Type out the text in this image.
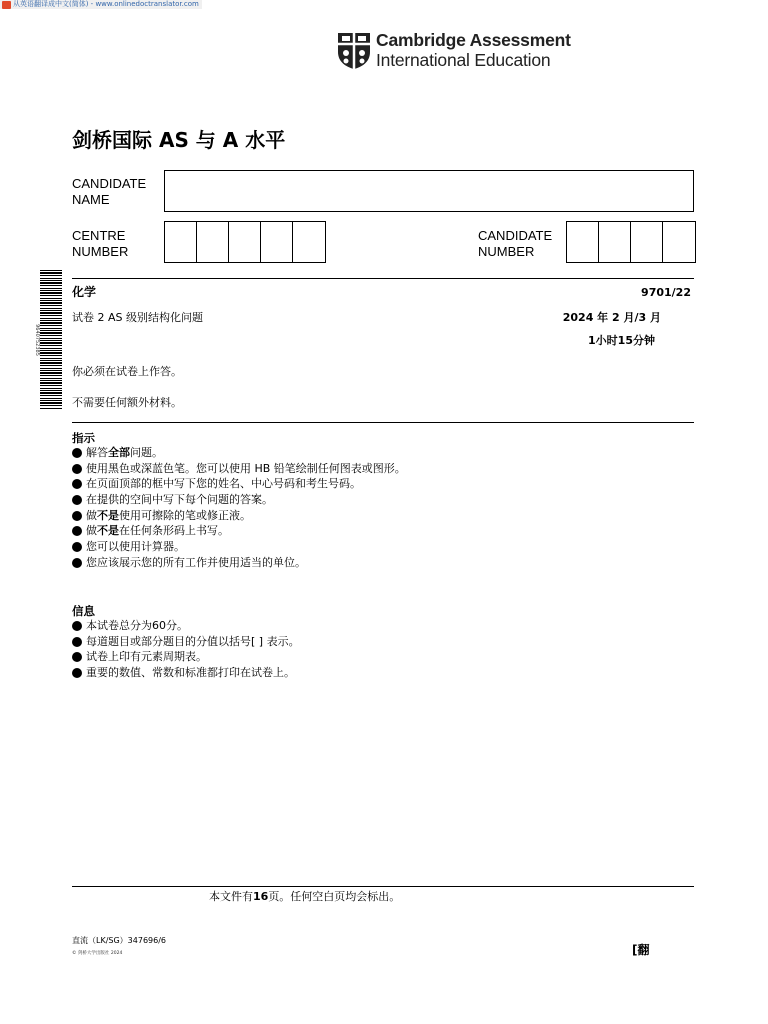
从英语翻译成中文(简体) - www.onlinedoctranslator.com
Cambridge Assessment
International Education
剑桥国际 AS 与 A 水平
CANDIDATE
NAME
CENTRE
NUMBER
CANDIDATE
NUMBER
9640752385
化学	9701/22
试卷 2 AS 级别结构化问题	2024 年 2 月/3 月
1小时15分钟
你必须在试卷上作答。
不需要任何额外材料。
指示
解答 全部 问题。
使用黑色或深蓝色笔。您可以使用 HB 铅笔绘制任何图表或图形。
在页面顶部的框中写下您的姓名、中心号码和考生号码。
在提供的空间中写下每个问题的答案。
做 不是 使用可擦除的笔或修正液。
做 不是 在任何条形码上书写。
您可以使用计算器。
您应该展示您的所有工作并使用适当的单位。
信息
本试卷总分为60分。
每道题目或部分题目的分值以括号[ ] 表示。
试卷上印有元素周期表。
重要的数值、常数和标准都打印在试卷上。
本文件有16页。任何空白页均会标出。
直流（LK/SG）347696/6
© 剑桥大学出版社 2024	[翻
